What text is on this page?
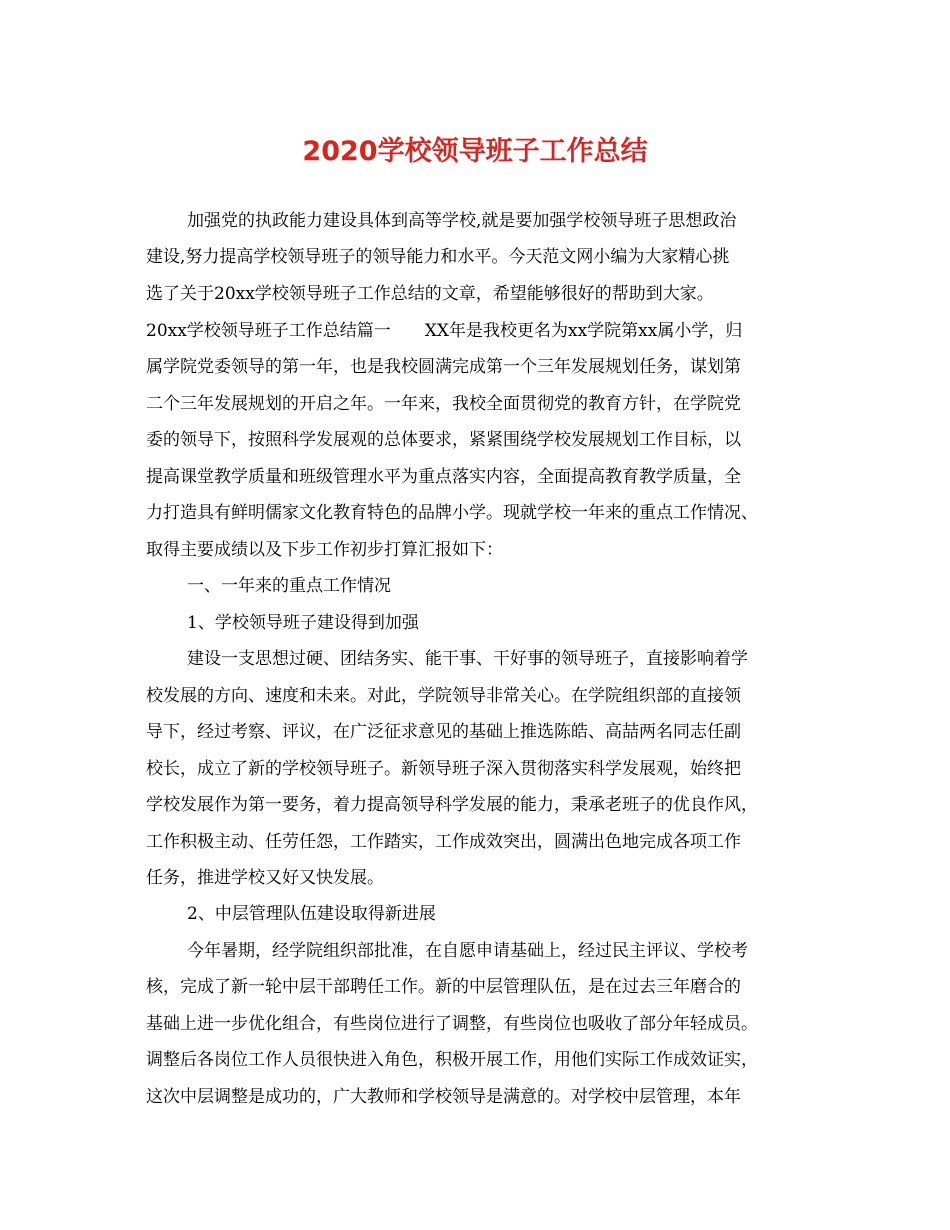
2020学校领导班子工作总结

加强党的执政能力建设具体到高等学校,就是要加强学校领导班子思想政治

建设,努力提高学校领导班子的领导能力和水平。今天范文网小编为大家精心挑

选了关于20xx学校领导班子工作总结的文章，希望能够很好的帮助到大家。

20xx学校领导班子工作总结篇一　　XX年是我校更名为xx学院第xx属小学，归

属学院党委领导的第一年，也是我校圆满完成第一个三年发展规划任务，谋划第

二个三年发展规划的开启之年。一年来，我校全面贯彻党的教育方针，在学院党

委的领导下，按照科学发展观的总体要求，紧紧围绕学校发展规划工作目标，以

提高课堂教学质量和班级管理水平为重点落实内容，全面提高教育教学质量，全

力打造具有鲜明儒家文化教育特色的品牌小学。现就学校一年来的重点工作情况、

取得主要成绩以及下步工作初步打算汇报如下：

一、一年来的重点工作情况

1、学校领导班子建设得到加强

建设一支思想过硬、团结务实、能干事、干好事的领导班子，直接影响着学

校发展的方向、速度和未来。对此，学院领导非常关心。在学院组织部的直接领

导下，经过考察、评议，在广泛征求意见的基础上推选陈皓、高喆两名同志任副

校长，成立了新的学校领导班子。新领导班子深入贯彻落实科学发展观，始终把

学校发展作为第一要务，着力提高领导科学发展的能力，秉承老班子的优良作风，

工作积极主动、任劳任怨，工作踏实，工作成效突出，圆满出色地完成各项工作

任务，推进学校又好又快发展。

2、中层管理队伍建设取得新进展

今年暑期，经学院组织部批准，在自愿申请基础上，经过民主评议、学校考

核，完成了新一轮中层干部聘任工作。新的中层管理队伍，是在过去三年磨合的

基础上进一步优化组合，有些岗位进行了调整，有些岗位也吸收了部分年轻成员。

调整后各岗位工作人员很快进入角色，积极开展工作，用他们实际工作成效证实，

这次中层调整是成功的，广大教师和学校领导是满意的。对学校中层管理，本年
